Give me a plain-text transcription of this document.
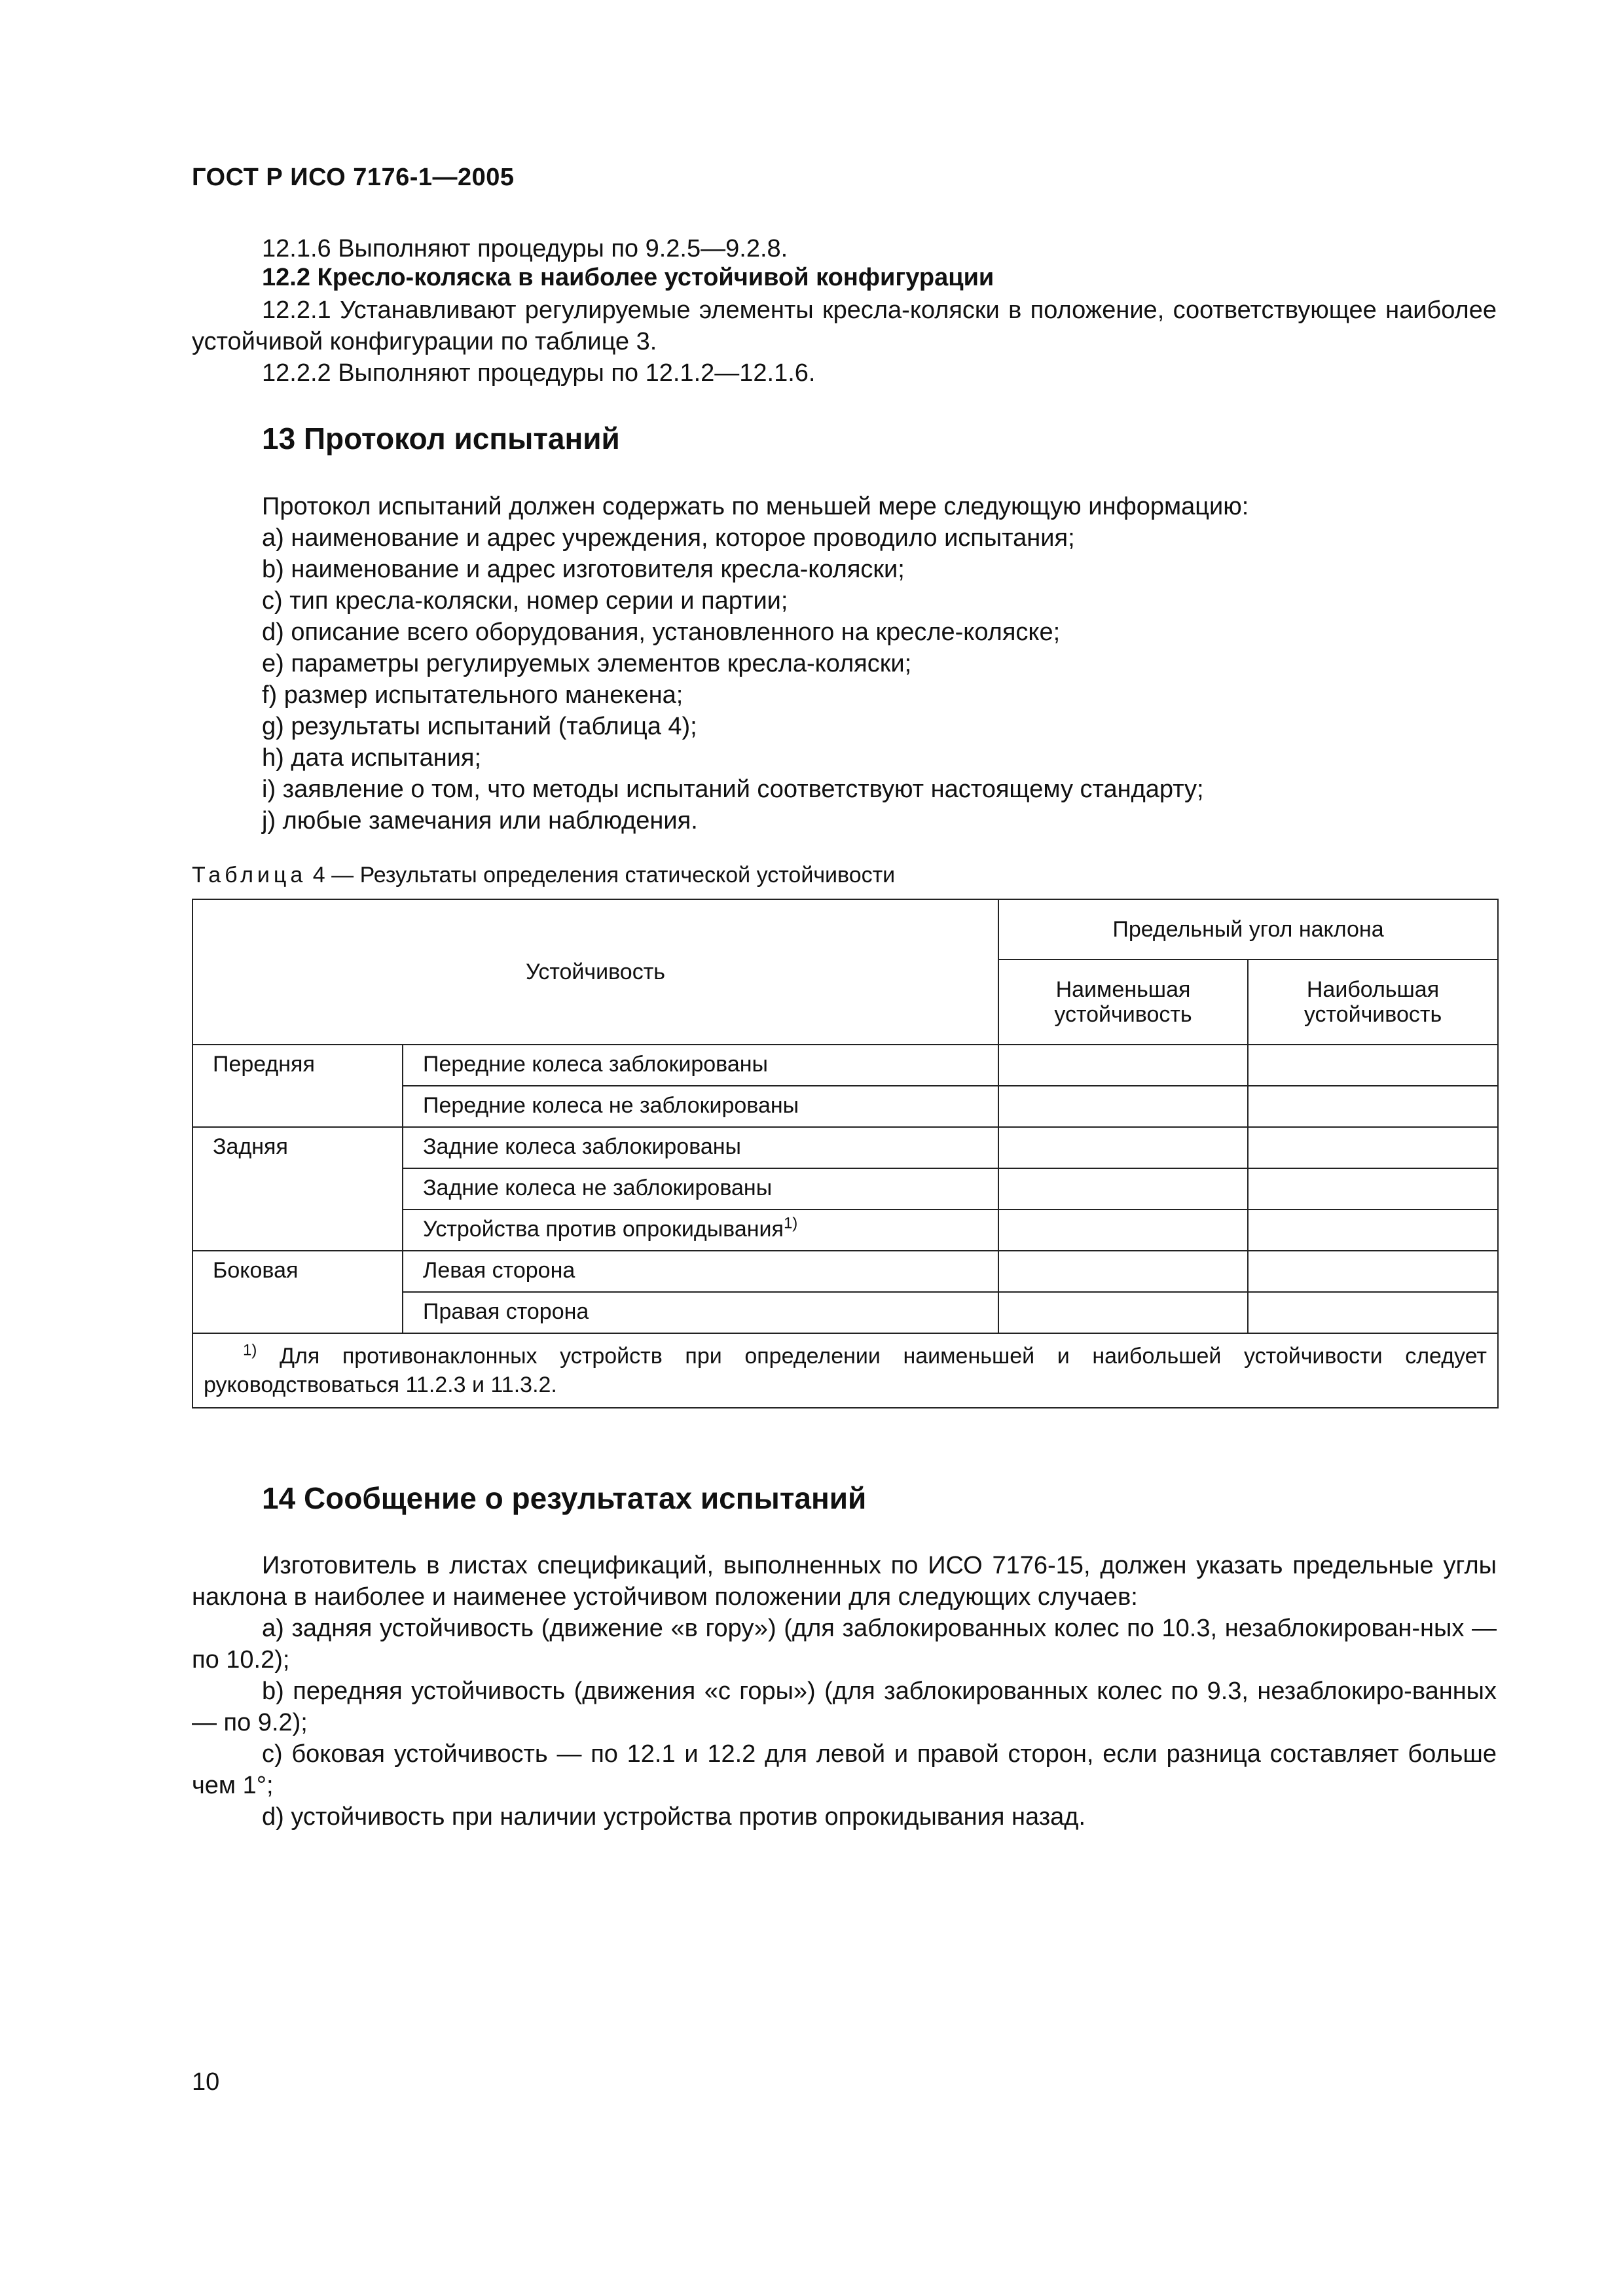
ГОСТ Р ИСО 7176-1—2005

12.1.6 Выполняют процедуры по 9.2.5—9.2.8.

12.2 Кресло-коляска в наиболее устойчивой конфигурации

12.2.1 Устанавливают регулируемые элементы кресла-коляски в положение, соответствующее наиболее устойчивой конфигурации по таблице 3.

12.2.2 Выполняют процедуры по 12.1.2—12.1.6.

13 Протокол испытаний

Протокол испытаний должен содержать по меньшей мере следующую информацию:

a) наименование и адрес учреждения, которое проводило испытания;

b) наименование и адрес изготовителя кресла-коляски;

c) тип кресла-коляски, номер серии и партии;

d) описание всего оборудования, установленного на кресле-коляске;

e) параметры регулируемых элементов кресла-коляски;

f) размер испытательного манекена;

g) результаты испытаний (таблица 4);

h) дата испытания;

i) заявление о том, что методы испытаний соответствуют настоящему стандарту;

j) любые замечания или наблюдения.

Таблица 4 — Результаты определения статической устойчивости
Устойчивость		Предельный угол наклона	
		Наименьшая устойчивость	Наибольшая устойчивость
Передняя	Передние колеса заблокированы		
	Передние колеса не заблокированы		
Задняя	Задние колеса заблокированы		
	Задние колеса не заблокированы		
	Устройства против опрокидывания$^{1)}$		
Боковая	Левая сторона		
	Правая сторона		
$^{1)}$ Для противонаклонных устройств при определении наименьшей и наибольшей устойчивости следует руководствоваться 11.2.3 и 11.3.2.			
14 Сообщение о результатах испытаний

Изготовитель в листах спецификаций, выполненных по ИСО 7176-15, должен указать предельные углы наклона в наиболее и наименее устойчивом положении для следующих случаев:

a) задняя устойчивость (движение «в гору») (для заблокированных колес по 10.3, незаблокирован-ных — по 10.2);

b) передняя устойчивость (движения «с горы») (для заблокированных колес по 9.3, незаблокиро-ванных — по 9.2);

c) боковая устойчивость — по 12.1 и 12.2 для левой и правой сторон, если разница составляет больше чем 1°;

d) устойчивость при наличии устройства против опрокидывания назад.

10
